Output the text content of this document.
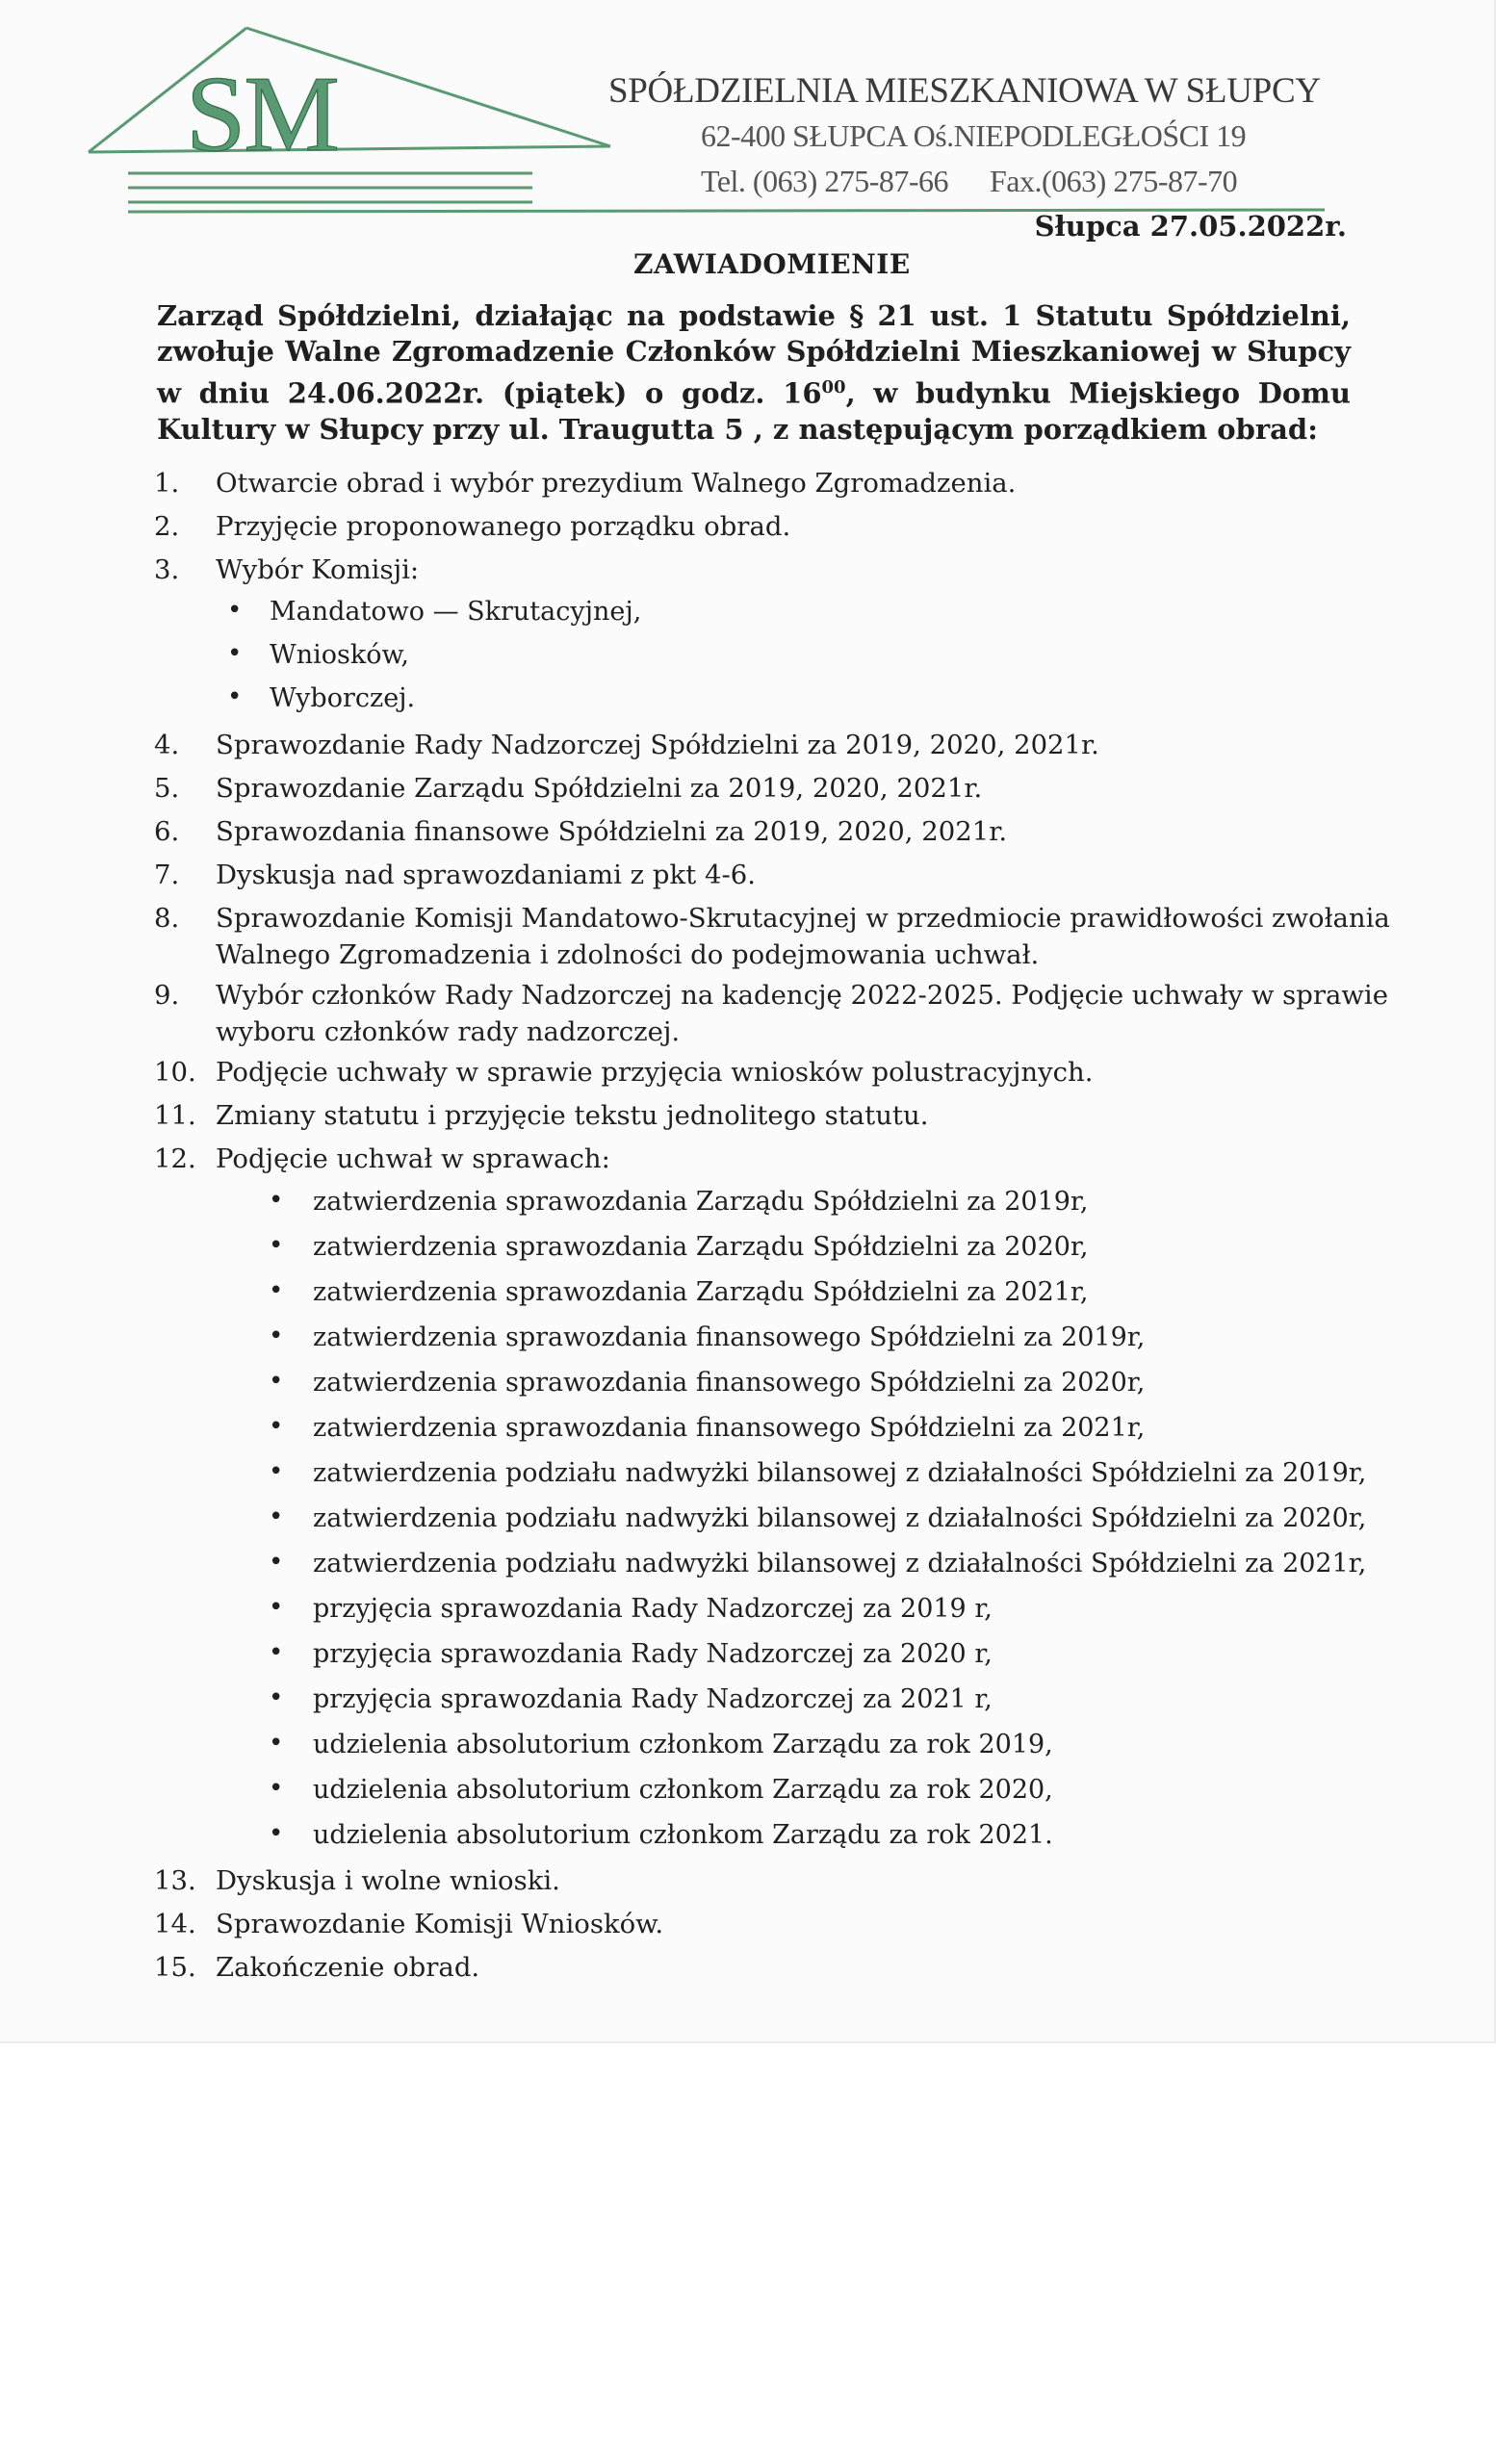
SM	SPÓŁDZIELNIA MIESZKANIOWA W SŁUPCY
62-400 SŁUPCA Oś.NIEPODLEGŁOŚCI 19
Tel. (063) 275-87-66 Fax.(063) 275-87-70
Słupca 27.05.2022r.
ZAWIADOMIENIE
Zarząd Spółdzielni, działając na podstawie § 21 ust. 1 Statutu Spółdzielni, zwołuje Walne Zgromadzenie Członków Spółdzielni Mieszkaniowej w Słupcy w dniu 24.06.2022r. (piątek) o godz. $16^{00}$, w budynku Miejskiego Domu Kultury w Słupcy przy ul. Traugutta 5 , z następującym porządkiem obrad:
1.	Otwarcie obrad i wybór prezydium Walnego Zgromadzenia.
2.	Przyjęcie proponowanego porządku obrad.
3.	Wybór Komisji:
• Mandatowo — Skrutacyjnej,
• Wniosków,
• Wyborczej.
4.	Sprawozdanie Rady Nadzorczej Spółdzielni za 2019, 2020, 2021r.
5.	Sprawozdanie Zarządu Spółdzielni za 2019, 2020, 2021r.
6.	Sprawozdania finansowe Spółdzielni za 2019, 2020, 2021r.
7.	Dyskusja nad sprawozdaniami z pkt 4-6.
8.	Sprawozdanie Komisji Mandatowo-Skrutacyjnej w przedmiocie prawidłowości zwołania
Walnego Zgromadzenia i zdolności do podejmowania uchwał.
9.	Wybór członków Rady Nadzorczej na kadencję 2022-2025. Podjęcie uchwały w sprawie
wyboru członków rady nadzorczej.
10. Podjęcie uchwały w sprawie przyjęcia wniosków polustracyjnych.
11. Zmiany statutu i przyjęcie tekstu jednolitego statutu.
12. Podjęcie uchwał w sprawach:
• zatwierdzenia sprawozdania Zarządu Spółdzielni za 2019r,
• zatwierdzenia sprawozdania Zarządu Spółdzielni za 2020r,
• zatwierdzenia sprawozdania Zarządu Spółdzielni za 2021r,
• zatwierdzenia sprawozdania finansowego Spółdzielni za 2019r,
• zatwierdzenia sprawozdania finansowego Spółdzielni za 2020r,
• zatwierdzenia sprawozdania finansowego Spółdzielni za 2021r,
• zatwierdzenia podziału nadwyżki bilansowej z działalności Spółdzielni za 2019r,
• zatwierdzenia podziału nadwyżki bilansowej z działalności Spółdzielni za 2020r,
• zatwierdzenia podziału nadwyżki bilansowej z działalności Spółdzielni za 2021r,
• przyjęcia sprawozdania Rady Nadzorczej za 2019 r,
• przyjęcia sprawozdania Rady Nadzorczej za 2020 r,
• przyjęcia sprawozdania Rady Nadzorczej za 2021 r,
• udzielenia absolutorium członkom Zarządu za rok 2019,
• udzielenia absolutorium członkom Zarządu za rok 2020,
• udzielenia absolutorium członkom Zarządu za rok 2021.
13. Dyskusja i wolne wnioski.
14. Sprawozdanie Komisji Wniosków.
15. Zakończenie obrad.
